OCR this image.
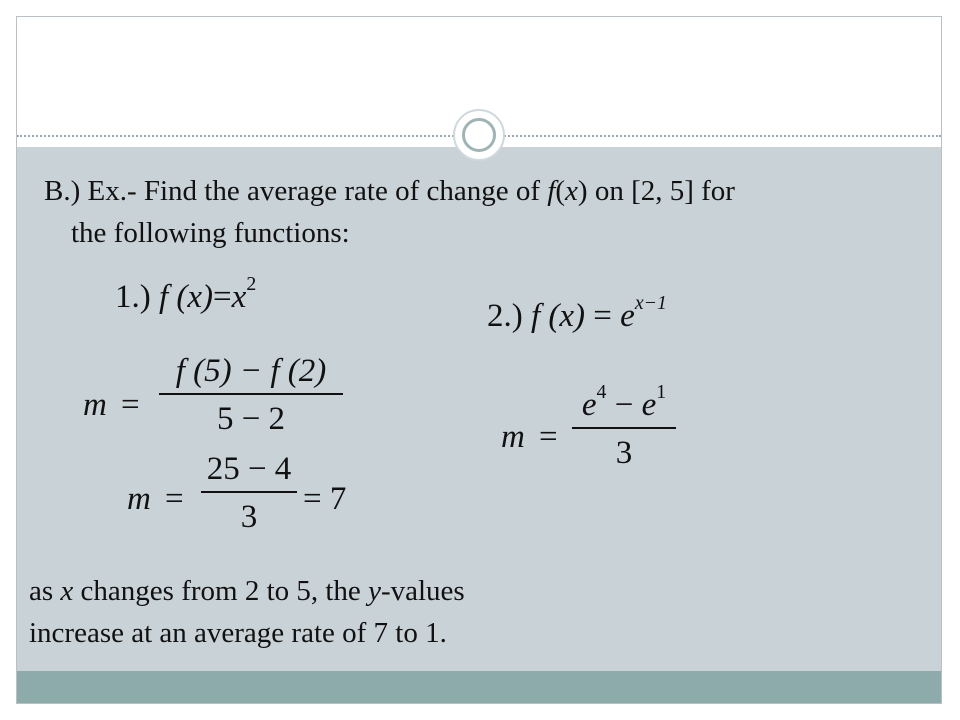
B.) Ex.- Find the average rate of change of f(x) on [2, 5] for
the following functions:
1.) f $(x)=x^2$
m =
f (5) − f (2)
5 − 2
m =
25 − 4
3	= 7
2.) f $(x) = e^{x-1}$
m =
$e^4 - e^1$
3
as x changes from 2 to 5, the y-values
increase at an average rate of 7 to 1.
